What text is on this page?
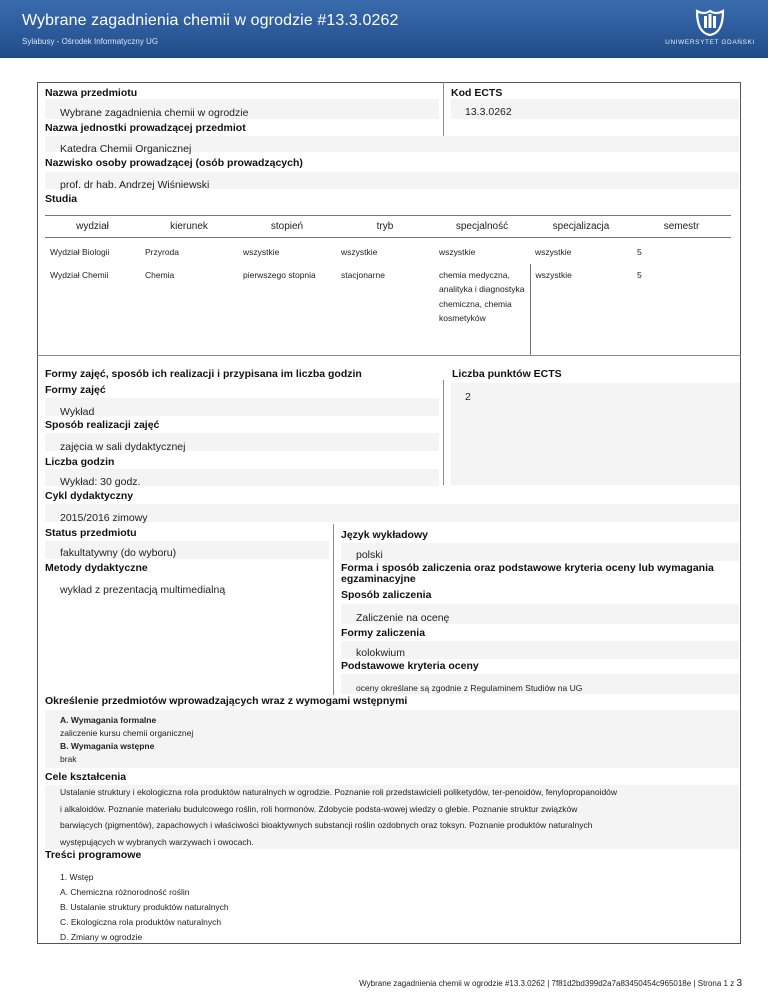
Wybrane zagadnienia chemii w ogrodzie #13.3.0262
Sylabusy - Ośrodek Informatyczny UG	UNIWERSYTET GDAŃSKI
Nazwa przedmiotu	Kod ECTS
Wybrane zagadnienia chemii w ogrodzie	13.3.0262
Nazwa jednostki prowadzącej przedmiot
Katedra Chemii Organicznej
Nazwisko osoby prowadzącej (osób prowadzących)
prof. dr hab. Andrzej Wiśniewski
Studia
wydział	kierunek	stopień	tryb	specjalność	specjalizacja	semestr
Wydział Biologii	Przyroda	wszystkie	wszystkie	wszystkie	wszystkie	5
Wydział Chemii	Chemia	pierwszego stopnia	stacjonarne	chemia medyczna, analityka i diagnostyka chemiczna, chemia kosmetyków	wszystkie	5
Formy zajęć, sposób ich realizacji i przypisana im liczba godzin	Liczba punktów ECTS
2
Formy zajęć
Wykład
Sposób realizacji zajęć
zajęcia w sali dydaktycznej
Liczba godzin
Wykład: 30 godz.
Cykl dydaktyczny
2015/2016 zimowy
Status przedmiotu
fakultatywny (do wyboru)
Metody dydaktyczne
wykład z prezentacją multimedialną
Język wykładowy
polski
Forma i sposób zaliczenia oraz podstawowe kryteria oceny lub wymagania egzaminacyjne
Sposób zaliczenia
Zaliczenie na ocenę
Formy zaliczenia
kolokwium
Podstawowe kryteria oceny
oceny określane są zgodnie z Regulaminem Studiów na UG
Określenie przedmiotów wprowadzających wraz z wymogami wstępnymi
A. Wymagania formalne
zaliczenie kursu chemii organicznej
B. Wymagania wstępne
brak
Cele kształcenia
Ustalanie struktury i ekologiczna rola produktów naturalnych w ogrodzie. Poznanie roli przedstawicieli poliketydów, ter-penoidów, fenylopropanoidów
i alkaloidów. Poznanie materiału budulcowego roślin, roli hormonów. Zdobycie podsta-wowej wiedzy o glebie. Poznanie struktur związków
barwiących (pigmentów), zapachowych i właściwości bioaktywnych substancji roślin ozdobnych oraz toksyn. Poznanie produktów naturalnych
występujących w wybranych warzywach i owocach.
Treści programowe
1. Wstęp
A. Chemiczna różnorodność roślin
B. Ustalanie struktury produktów naturalnych
C. Ekologiczna rola produktów naturalnych
D. Zmiany w ogrodzie
Wybrane zagadnienia chemii w ogrodzie #13.3.0262 | 7f81d2bd399d2a7a83450454c965018e | Strona 1 z 3
